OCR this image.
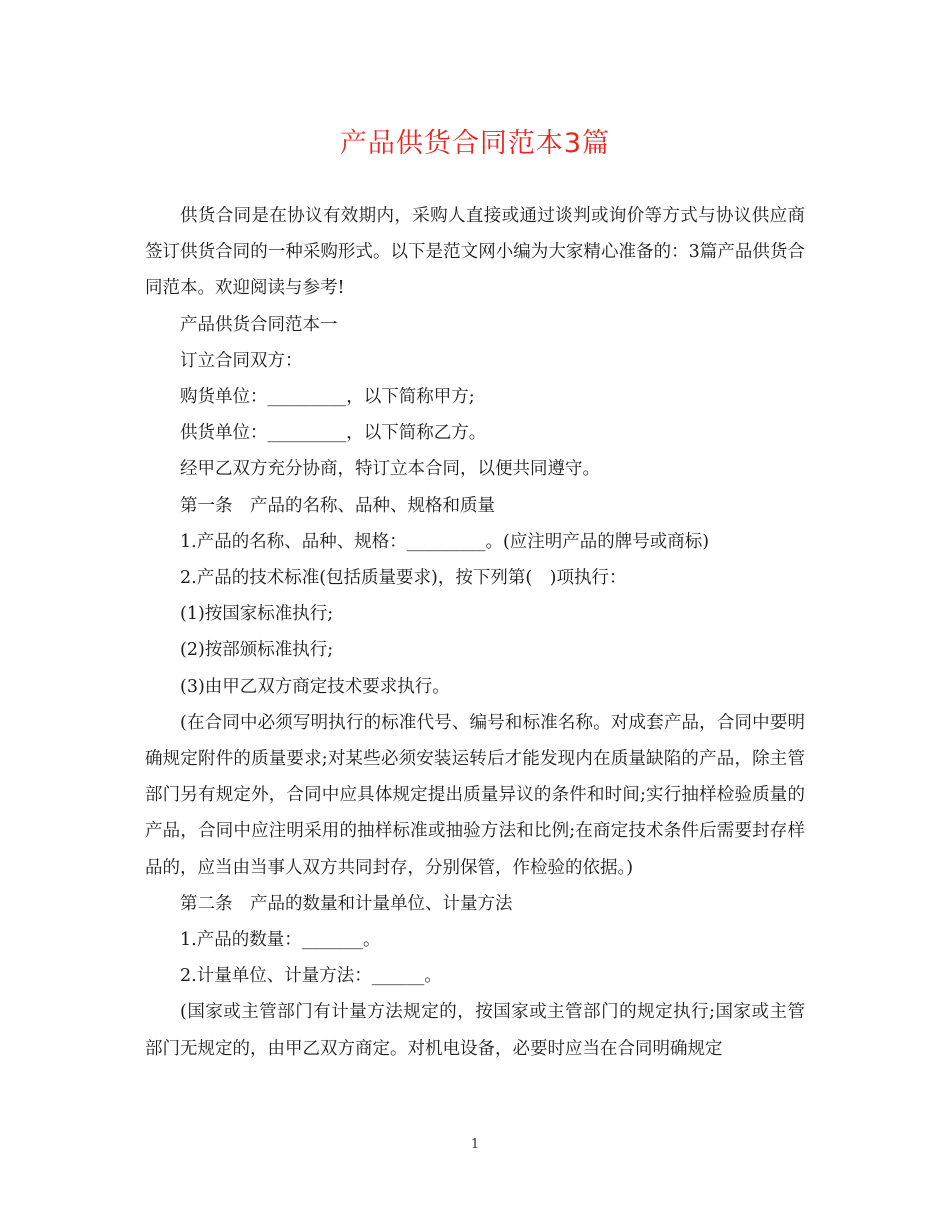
产品供货合同范本3篇

供货合同是在协议有效期内，采购人直接或通过谈判或询价等方式与协议供应商签订供货合同的一种采购形式。以下是范文网小编为大家精心准备的：3篇产品供货合同范本。欢迎阅读与参考!

产品供货合同范本一

订立合同双方：

购货单位：_________，以下简称甲方;

供货单位：_________，以下简称乙方。

经甲乙双方充分协商，特订立本合同，以便共同遵守。

第一条　产品的名称、品种、规格和质量

1.产品的名称、品种、规格：_________。(应注明产品的牌号或商标)

2.产品的技术标准(包括质量要求)，按下列第(　)项执行：

(1)按国家标准执行;

(2)按部颁标准执行;

(3)由甲乙双方商定技术要求执行。

(在合同中必须写明执行的标准代号、编号和标准名称。对成套产品，合同中要明确规定附件的质量要求;对某些必须安装运转后才能发现内在质量缺陷的产品，除主管部门另有规定外，合同中应具体规定提出质量异议的条件和时间;实行抽样检验质量的产品，合同中应注明采用的抽样标准或抽验方法和比例;在商定技术条件后需要封存样品的，应当由当事人双方共同封存，分别保管，作检验的依据。)

第二条　产品的数量和计量单位、计量方法

1.产品的数量：_______。

2.计量单位、计量方法：______。

(国家或主管部门有计量方法规定的，按国家或主管部门的规定执行;国家或主管部门无规定的，由甲乙双方商定。对机电设备，必要时应当在合同明确规定

1
